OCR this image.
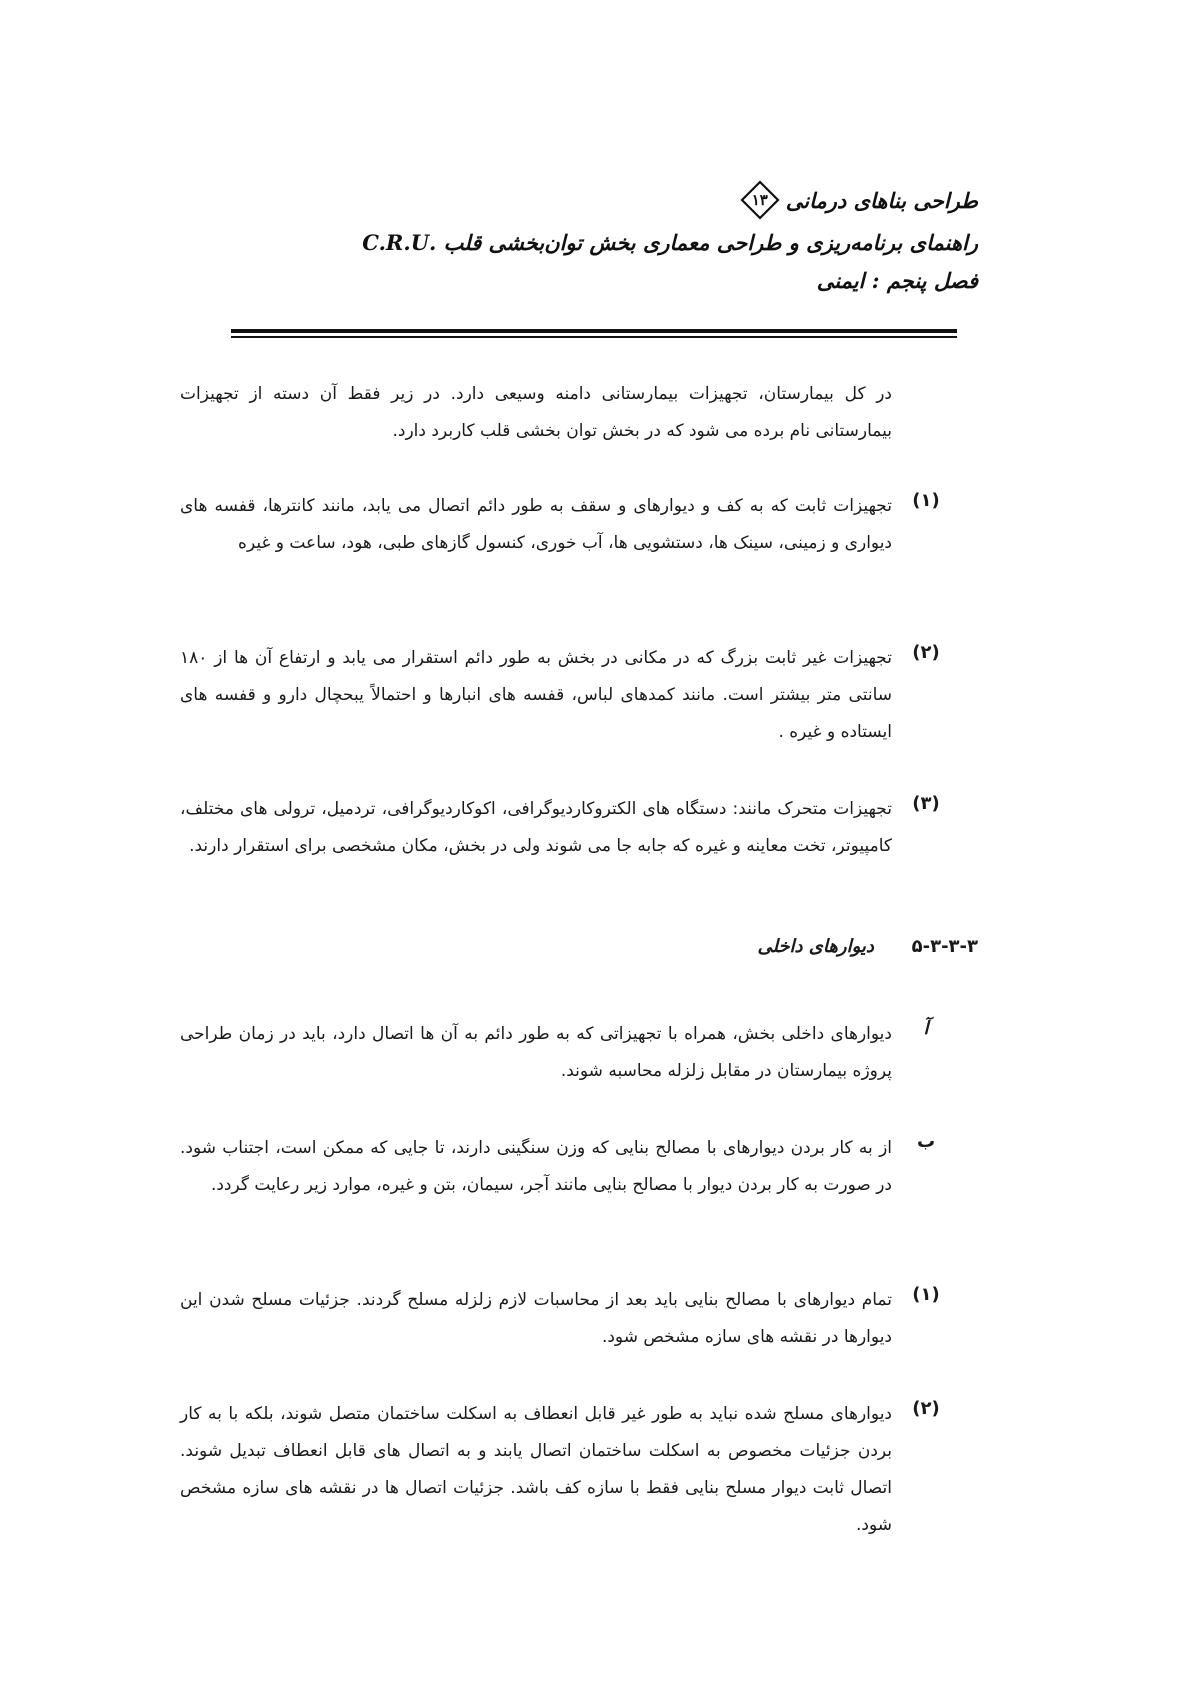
طراحی بناهای درمانی
۱۳
راهنمای برنامه‌ریزی و طراحی معماری بخش توان‌بخشی قلب .C.R.U
فصل پنجم : ایمنی
در کل بیمارستان، تجهیزات بیمارستانی دامنه وسیعی دارد. در زیر فقط آن دسته از تجهیزات بیمارستانی نام برده می شود که در بخش توان بخشی قلب کاربرد دارد.
(۱)
تجهیزات ثابت که به کف و دیوارهای و سقف به طور دائم اتصال می یابد، مانند کانترها، قفسه های دیواری و زمینی، سینک ها، دستشویی ها، آب خوری، کنسول گازهای طبی، هود، ساعت و غیره
(۲)
تجهیزات غیر ثابت بزرگ که در مکانی در بخش به طور دائم استقرار می یابد و ارتفاع آن ها از ۱۸۰ سانتی متر بیشتر است. مانند کمدهای لباس، قفسه های انبارها و احتمالاً یبحچال دارو و قفسه های ایستاده و غیره .
(۳)
تجهیزات متحرک مانند: دستگاه های الکتروکاردیوگرافی، اکوکاردیوگرافی، تردمیل، ترولی های مختلف، کامپیوتر، تخت معاینه و غیره که جابه جا می شوند ولی در بخش، مکان مشخصی برای استقرار دارند.
۵-۳-۳-۳ دیوارهای داخلی
آ
دیوارهای داخلی بخش، همراه با تجهیزاتی که به طور دائم به آن ها اتصال دارد، باید در زمان طراحی پروژه بیمارستان در مقابل زلزله محاسبه شوند.
ب
از به کار بردن دیوارهای با مصالح بنایی که وزن سنگینی دارند، تا جایی که ممکن است، اجتناب شود. در صورت به کار بردن دیوار با مصالح بنایی مانند آجر، سیمان، بتن و غیره، موارد زیر رعایت گردد.
(۱)
تمام دیوارهای با مصالح بنایی باید بعد از محاسبات لازم زلزله مسلح گردند. جزئیات مسلح شدن این دیوارها در نقشه های سازه مشخص شود.
(۲)
دیوارهای مسلح شده نباید به طور غیر قابل انعطاف به اسکلت ساختمان متصل شوند، بلکه با به کار بردن جزئیات مخصوص به اسکلت ساختمان اتصال یابند و به اتصال های قابل انعطاف تبدیل شوند. اتصال ثابت دیوار مسلح بنایی فقط با سازه کف باشد. جزئیات اتصال ها در نقشه های سازه مشخص شود.
